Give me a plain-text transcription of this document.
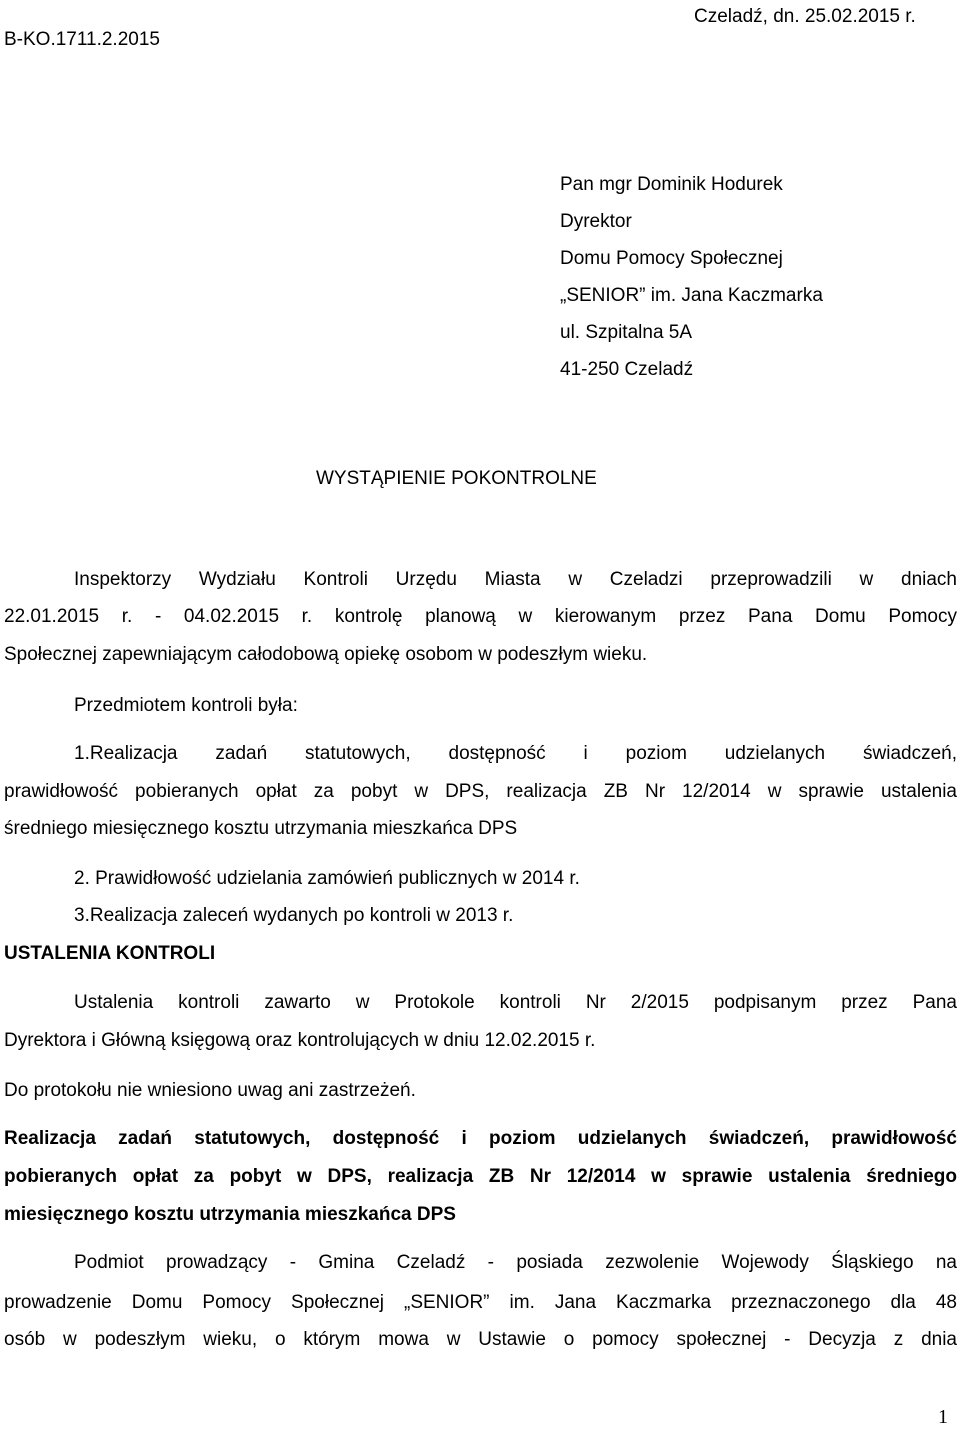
B-KO.1711.2.2015
Czeladź, dn. 25.02.2015 r.
Pan mgr Dominik Hodurek
Dyrektor
Domu Pomocy Społecznej
„SENIOR” im. Jana Kaczmarka
ul. Szpitalna 5A
41-250 Czeladź
WYSTĄPIENIE POKONTROLNE
Inspektorzy Wydziału Kontroli Urzędu Miasta w Czeladzi przeprowadzili w dniach
22.01.2015 r. - 04.02.2015 r. kontrolę planową w kierowanym przez Pana Domu Pomocy
Społecznej zapewniającym całodobową opiekę osobom w podeszłym wieku.
Przedmiotem kontroli była:
1.Realizacja zadań statutowych, dostępność i poziom udzielanych świadczeń,
prawidłowość pobieranych opłat za pobyt w DPS, realizacja ZB Nr 12/2014 w sprawie ustalenia
średniego miesięcznego kosztu utrzymania mieszkańca DPS
2. Prawidłowość udzielania zamówień publicznych w 2014 r.
3.Realizacja zaleceń wydanych po kontroli w 2013 r.
USTALENIA KONTROLI
Ustalenia kontroli zawarto w Protokole kontroli Nr 2/2015 podpisanym przez Pana
Dyrektora i Główną księgową oraz kontrolujących w dniu 12.02.2015 r.
Do protokołu nie wniesiono uwag ani zastrzeżeń.
Realizacja zadań statutowych, dostępność i poziom udzielanych świadczeń, prawidłowość
pobieranych opłat za pobyt w DPS, realizacja ZB Nr 12/2014 w sprawie ustalenia średniego
miesięcznego kosztu utrzymania mieszkańca DPS
Podmiot prowadzący - Gmina Czeladź - posiada zezwolenie Wojewody Śląskiego na
prowadzenie Domu Pomocy Społecznej „SENIOR” im. Jana Kaczmarka przeznaczonego dla 48
osób w podeszłym wieku, o którym mowa w Ustawie o pomocy społecznej - Decyzja z dnia
1
